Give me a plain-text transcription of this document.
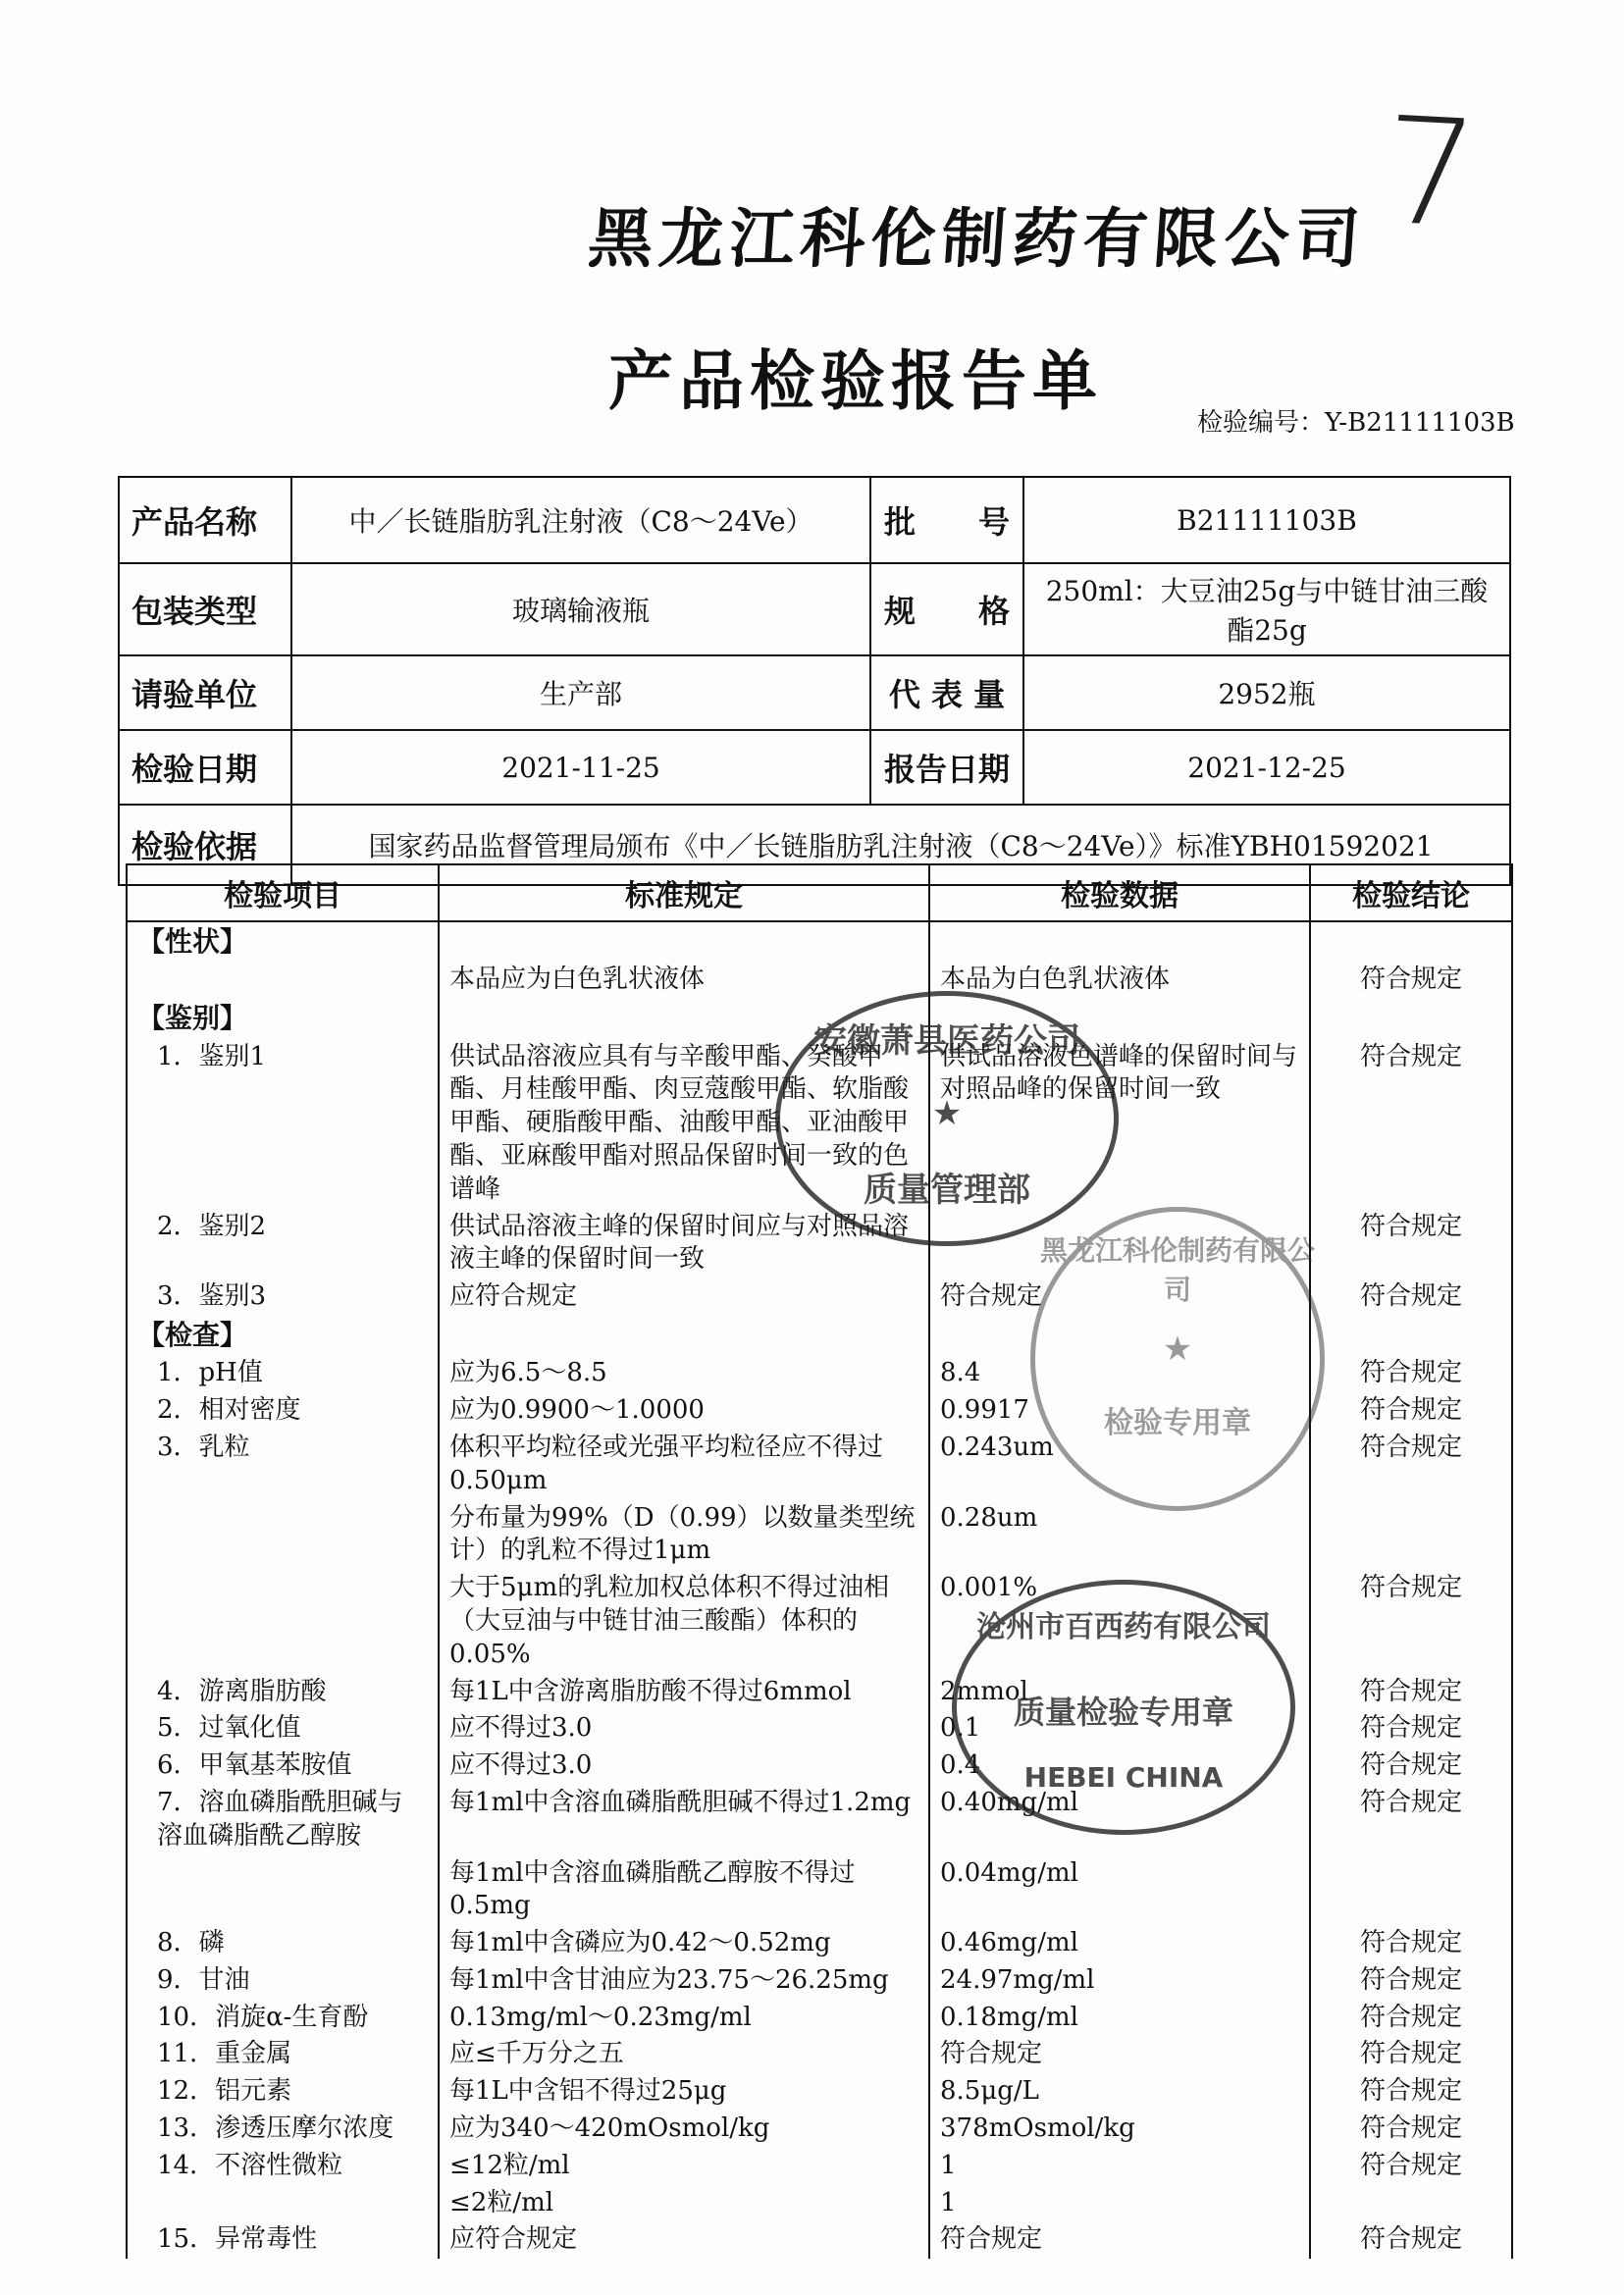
7
黑龙江科伦制药有限公司
产品检验报告单
检验编号：Y-B21111103B
产品名称	中／长链脂肪乳注射液（C8～24Ve）	批　　号	B21111103B
包装类型	玻璃输液瓶	规　　格	250ml：大豆油25g与中链甘油三酸酯25g
请验单位	生产部	代 表 量	2952瓶
检验日期	2021-11-25	报告日期	2021-12-25
检验依据	国家药品监督管理局颁布《中／长链脂肪乳注射液（C8～24Ve）》标准YBH01592021		
检验项目	标准规定	检验数据	检验结论
【性状】			
	本品应为白色乳状液体	本品为白色乳状液体	符合规定
【鉴别】			
1．鉴别1	供试品溶液应具有与辛酸甲酯、癸酸甲酯、月桂酸甲酯、肉豆蔻酸甲酯、软脂酸甲酯、硬脂酸甲酯、油酸甲酯、亚油酸甲酯、亚麻酸甲酯对照品保留时间一致的色谱峰	供试品溶液色谱峰的保留时间与对照品峰的保留时间一致	符合规定
2．鉴别2	供试品溶液主峰的保留时间应与对照品溶液主峰的保留时间一致		符合规定
3．鉴别3	应符合规定	符合规定	符合规定
【检查】			
1．pH值	应为6.5～8.5	8.4	符合规定
2．相对密度	应为0.9900～1.0000	0.9917	符合规定
3．乳粒	体积平均粒径或光强平均粒径应不得过0.50μm	0.243um	符合规定
	分布量为99%（D（0.99）以数量类型统计）的乳粒不得过1μm	0.28um	
	大于5μm的乳粒加权总体积不得过油相（大豆油与中链甘油三酸酯）体积的0.05%	0.001%	符合规定
4．游离脂肪酸	每1L中含游离脂肪酸不得过6mmol	2mmol	符合规定
5．过氧化值	应不得过3.0	0.1	符合规定
6．甲氧基苯胺值	应不得过3.0	0.4	符合规定
7．溶血磷脂酰胆碱与溶血磷脂酰乙醇胺	每1ml中含溶血磷脂酰胆碱不得过1.2mg	0.40mg/ml	符合规定
	每1ml中含溶血磷脂酰乙醇胺不得过0.5mg	0.04mg/ml	
8．磷	每1ml中含磷应为0.42～0.52mg	0.46mg/ml	符合规定
9．甘油	每1ml中含甘油应为23.75～26.25mg	24.97mg/ml	符合规定
10．消旋α-生育酚	0.13mg/ml～0.23mg/ml	0.18mg/ml	符合规定
11．重金属	应≤千万分之五	符合规定	符合规定
12．铝元素	每1L中含铝不得过25μg	8.5μg/L	符合规定
13．渗透压摩尔浓度	应为340～420mOsmol/kg	378mOsmol/kg	符合规定
14．不溶性微粒	≤12粒/ml	1	符合规定
	≤2粒/ml	1	
15．异常毒性	应符合规定	符合规定	符合规定
安徽萧县医药公司
★
质量管理部
黑龙江科伦制药有限公司
★
检验专用章
沧州市百西药有限公司
质量检验专用章
HEBEI CHINA
